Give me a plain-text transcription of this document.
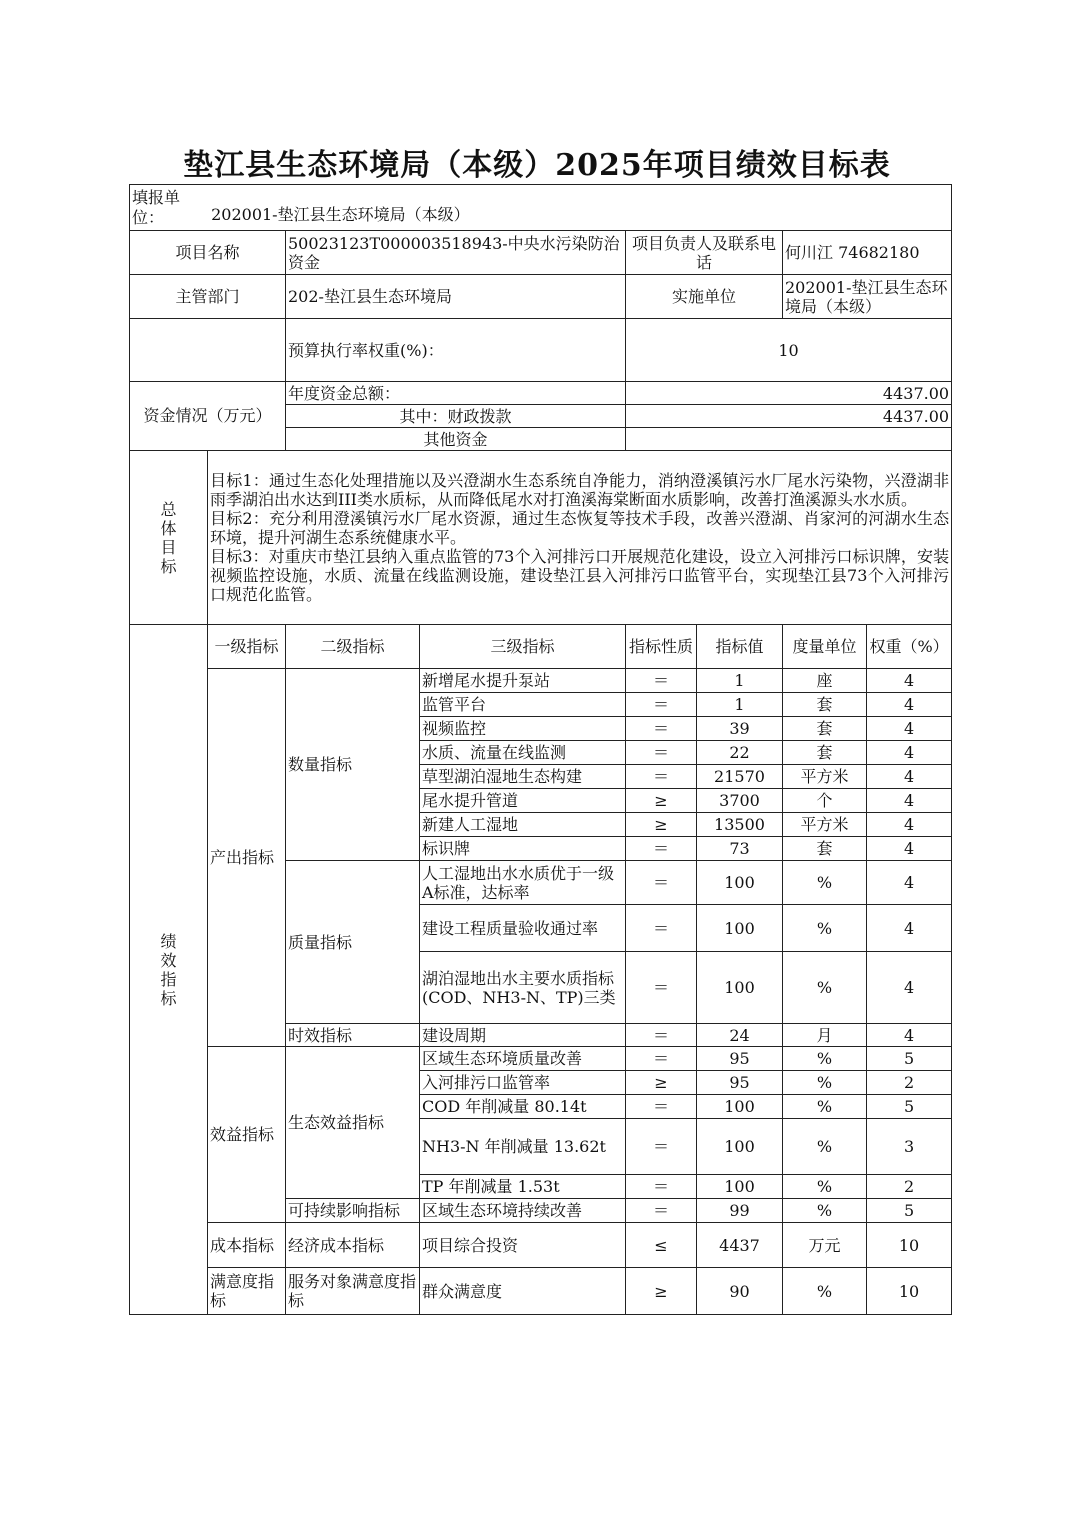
垫江县生态环境局（本级）2025年项目绩效目标表
填报单位： 202001-垫江县生态环境局（本级）							
项目名称		50023123T000003518943-中央水污染防治资金		项目负责人及联系电话		何川江 74682180	
主管部门		202-垫江县生态环境局		实施单位		202001-垫江县生态环境局（本级）	
		预算执行率权重(%)：		10			
资金情况（万元）		年度资金总额：		4437.00			
		其中：财政拨款		4437.00			
		其他资金					
总体目标	目标1：通过生态化处理措施以及兴澄湖水生态系统自净能力，消纳澄溪镇污水厂尾水污染物，兴澄湖非雨季湖泊出水达到III类水质标，从而降低尾水对打渔溪海棠断面水质影响，改善打渔溪源头水水质。
目标2：充分利用澄溪镇污水厂尾水资源，通过生态恢复等技术手段，改善兴澄湖、肖家河的河湖水生态环境，提升河湖生态系统健康水平。
目标3：对重庆市垫江县纳入重点监管的73个入河排污口开展规范化建设，设立入河排污口标识牌，安装视频监控设施，水质、流量在线监测设施，建设垫江县入河排污口监管平台，实现垫江县73个入河排污口规范化监管。						

绩效指标	一级指标	二级指标	三级指标	指标性质	指标值	度量单位	权重（%）
	产出指标	数量指标	新增尾水提升泵站	＝	1	座	4
			监管平台	＝	1	套	4
			视频监控	＝	39	套	4
			水质、流量在线监测	＝	22	套	4
			草型湖泊湿地生态构建	＝	21570	平方米	4
			尾水提升管道	≥	3700	个	4
			新建人工湿地	≥	13500	平方米	4
			标识牌	＝	73	套	4
		质量指标	人工湿地出水水质优于一级 A标准，达标率	＝	100	%	4
			建设工程质量验收通过率	＝	100	%	4
			湖泊湿地出水主要水质指标(COD、NH3-N、TP)三类	＝	100	%	4
		时效指标	建设周期	＝	24	月	4
	效益指标	生态效益指标	区域生态环境质量改善	＝	95	%	5
			入河排污口监管率	≥	95	%	2
			COD 年削减量 80.14t	＝	100	%	5
			NH3-N 年削减量 13.62t	＝	100	%	3
			TP 年削减量 1.53t	＝	100	%	2
		可持续影响指标	区域生态环境持续改善	＝	99	%	5
	成本指标	经济成本指标	项目综合投资	≤	4437	万元	10
	满意度指标	服务对象满意度指标	群众满意度	≥	90	%	10
